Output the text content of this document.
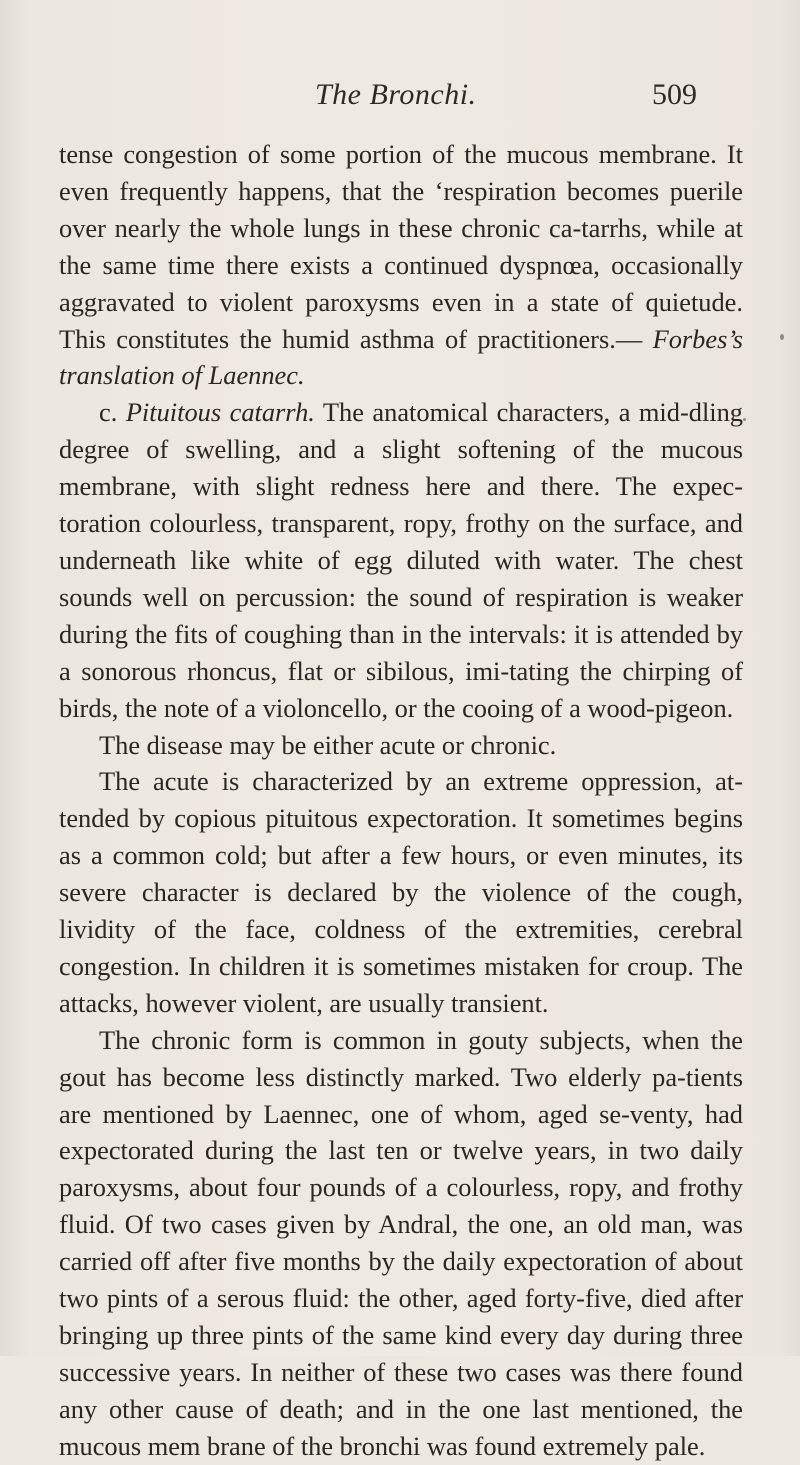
The Bronchi.	509

tense congestion of some portion of the mucous membrane. It even frequently happens, that the ‘respiration becomes puerile over nearly the whole lungs in these chronic ca-tarrhs, while at the same time there exists a continued dyspnœa, occasionally aggravated to violent paroxysms even in a state of quietude. This constitutes the humid asthma of practitioners.— Forbes’s translation of Laennec.

c. Pituitous catarrh. The anatomical characters, a mid-dling degree of swelling, and a slight softening of the mucous membrane, with slight redness here and there. The expec-toration colourless, transparent, ropy, frothy on the surface, and underneath like white of egg diluted with water. The chest sounds well on percussion: the sound of respiration is weaker during the fits of coughing than in the intervals: it is attended by a sonorous rhoncus, flat or sibilous, imi-tating the chirping of birds, the note of a violoncello, or the cooing of a wood-pigeon.

The disease may be either acute or chronic.

The acute is characterized by an extreme oppression, at-tended by copious pituitous expectoration. It sometimes begins as a common cold; but after a few hours, or even minutes, its severe character is declared by the violence of the cough, lividity of the face, coldness of the extremities, cerebral congestion. In children it is sometimes mistaken for croup. The attacks, however violent, are usually transient.

The chronic form is common in gouty subjects, when the gout has become less distinctly marked. Two elderly pa-tients are mentioned by Laennec, one of whom, aged se-venty, had expectorated during the last ten or twelve years, in two daily paroxysms, about four pounds of a colourless, ropy, and frothy fluid. Of two cases given by Andral, the one, an old man, was carried off after five months by the daily expectoration of about two pints of a serous fluid: the other, aged forty-five, died after bringing up three pints of the same kind every day during three successive years. In neither of these two cases was there found any other cause of death; and in the one last mentioned, the mucous mem brane of the bronchi was found extremely pale.
